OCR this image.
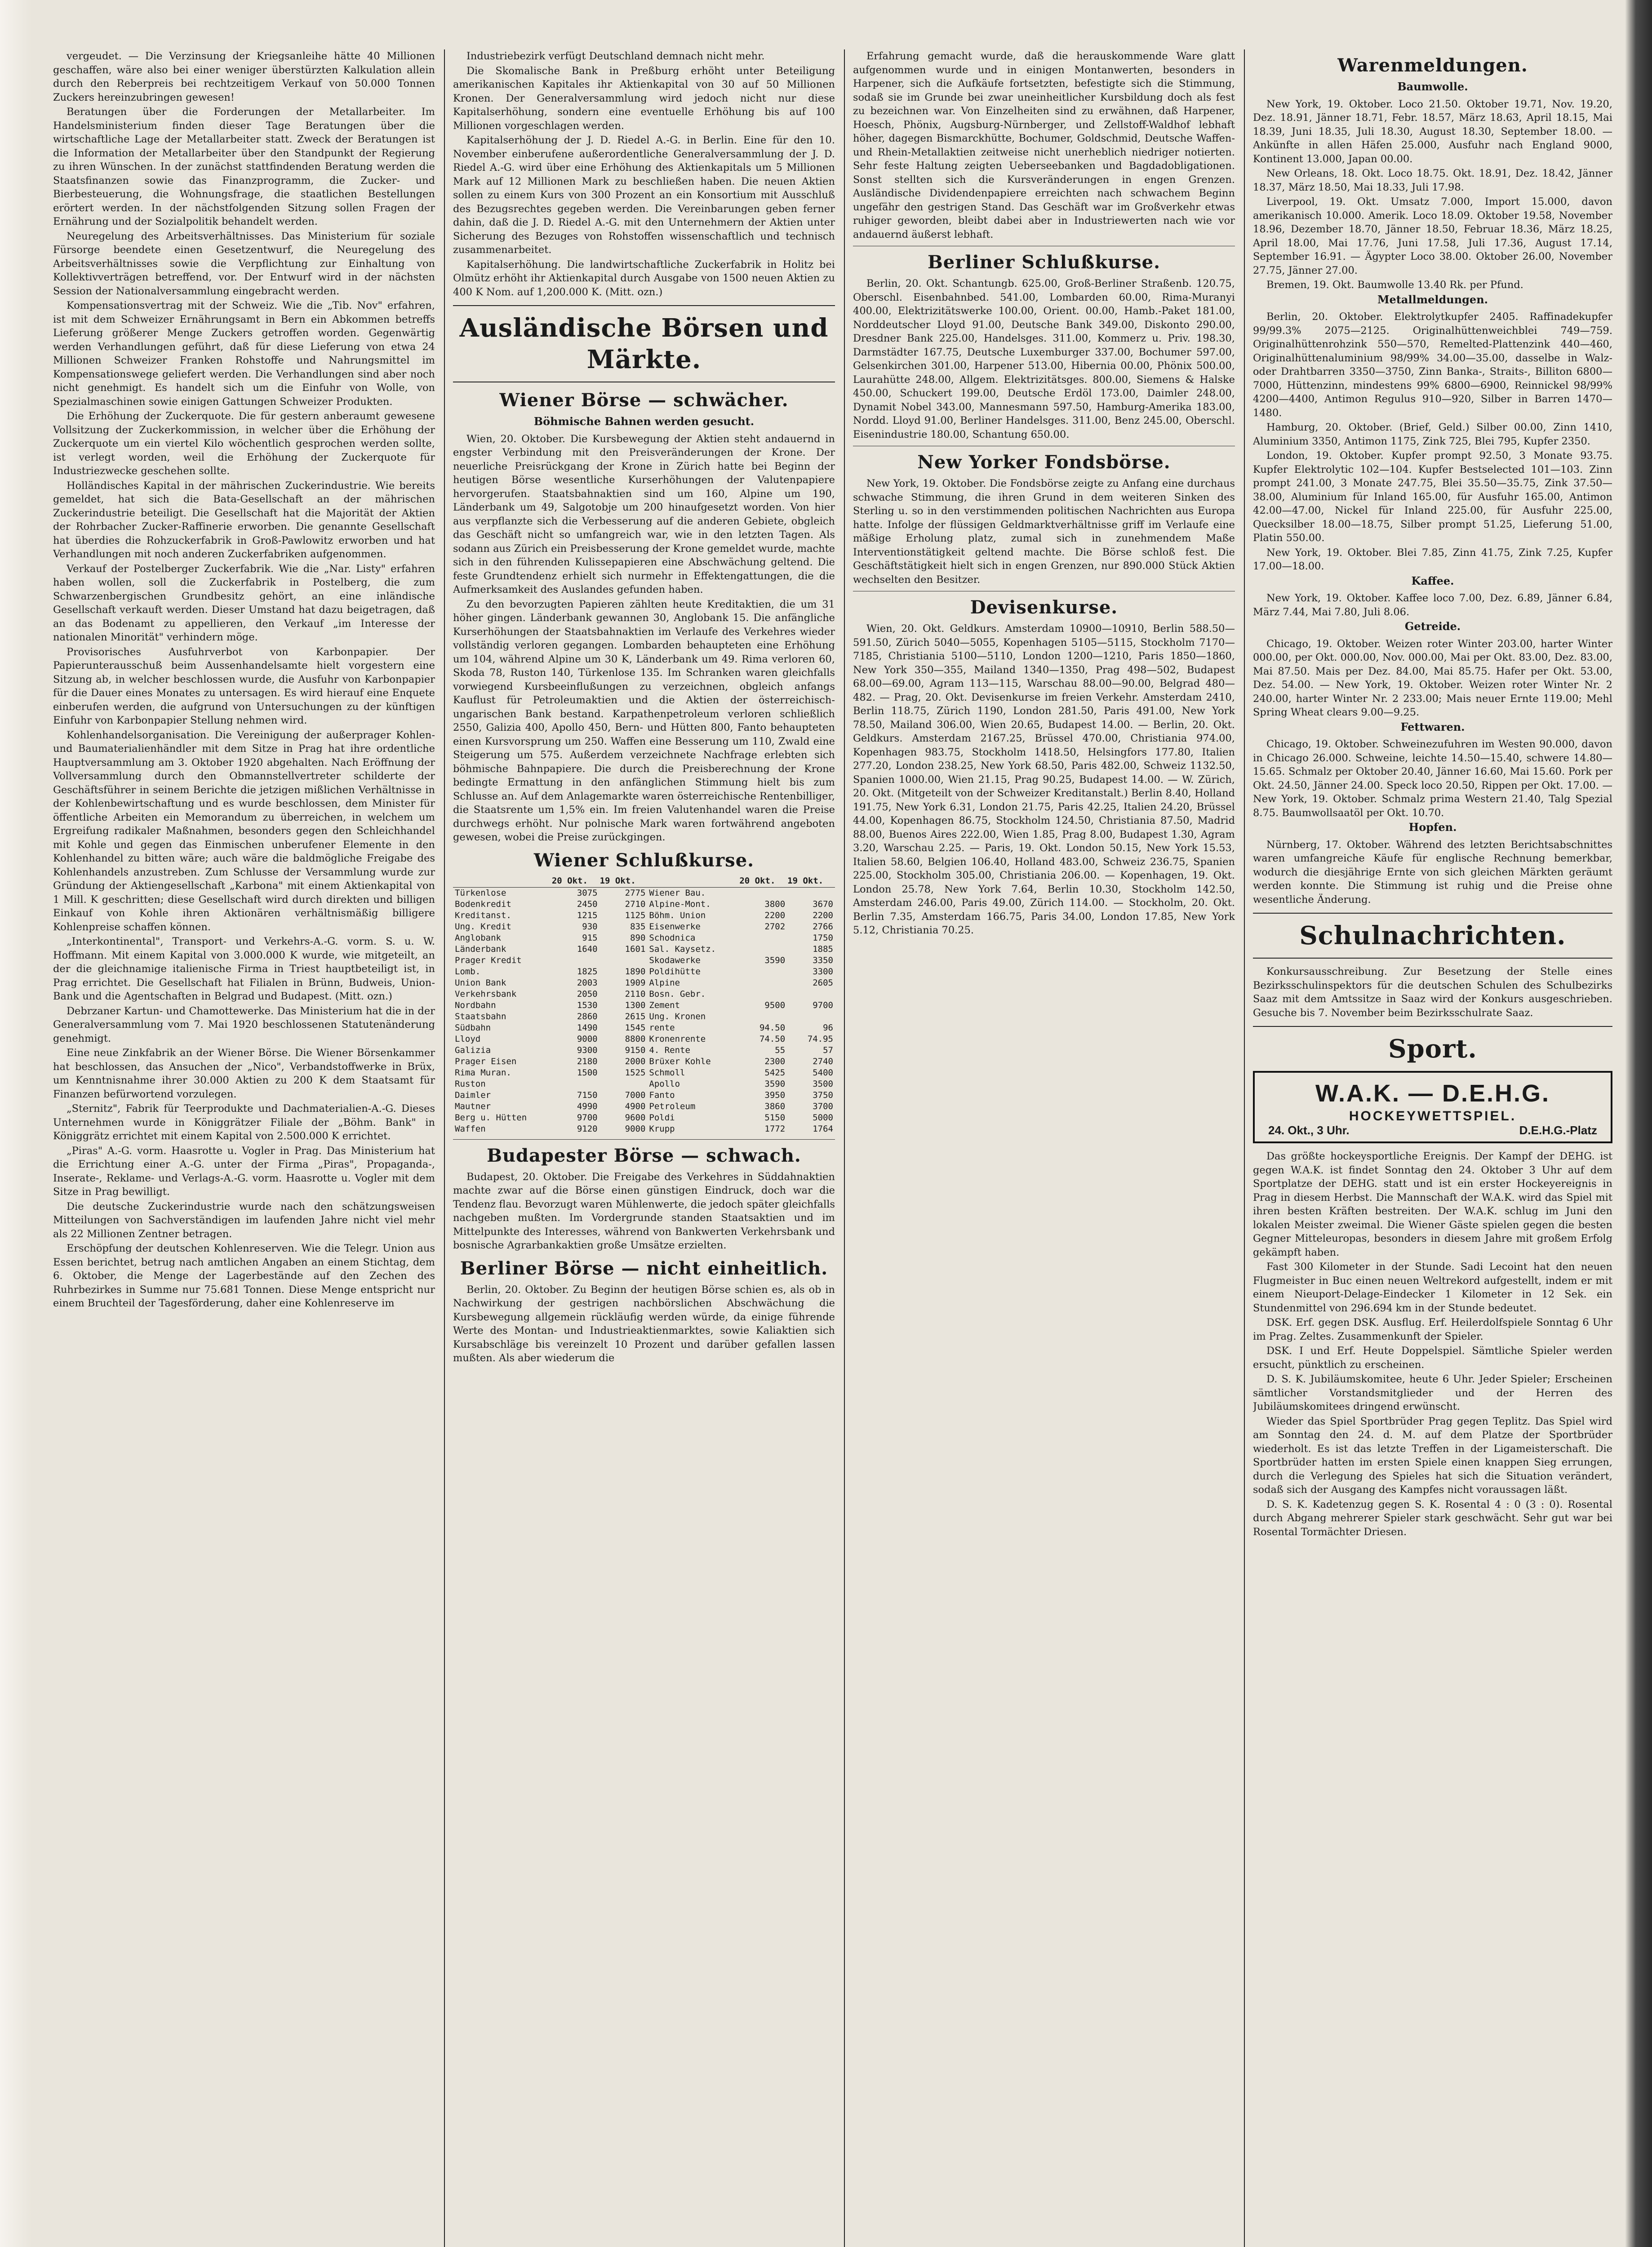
vergeudet. — Die Verzinsung der Kriegsanleihe hätte 40 Millionen geschaffen, wäre also bei einer weniger überstürzten Kalkulation allein durch den Reberpreis bei rechtzeitigem Verkauf von 50.000 Tonnen Zuckers hereinzubringen gewesen!

Beratungen über die Forderungen der Metallarbeiter. Im Handelsministerium finden dieser Tage Beratungen über die wirtschaftliche Lage der Metallarbeiter statt. Zweck der Beratungen ist die Information der Metallarbeiter über den Standpunkt der Regierung zu ihren Wünschen. In der zunächst stattfindenden Beratung werden die Staatsfinanzen sowie das Finanzprogramm, die Zucker- und Bierbesteuerung, die Wohnungsfrage, die staatlichen Bestellungen erörtert werden. In der nächstfolgenden Sitzung sollen Fragen der Ernährung und der Sozialpolitik behandelt werden.

Neuregelung des Arbeitsverhältnisses. Das Ministerium für soziale Fürsorge beendete einen Gesetzentwurf, die Neuregelung des Arbeitsverhältnisses sowie die Verpflichtung zur Einhaltung von Kollektivverträgen betreffend, vor. Der Entwurf wird in der nächsten Session der Nationalversammlung eingebracht werden.

Kompensationsvertrag mit der Schweiz. Wie die „Tib. Nov" erfahren, ist mit dem Schweizer Ernährungsamt in Bern ein Abkommen betreffs Lieferung größerer Menge Zuckers getroffen worden. Gegenwärtig werden Verhandlungen geführt, daß für diese Lieferung von etwa 24 Millionen Schweizer Franken Rohstoffe und Nahrungsmittel im Kompensationswege geliefert werden. Die Verhandlungen sind aber noch nicht genehmigt. Es handelt sich um die Einfuhr von Wolle, von Spezialmaschinen sowie einigen Gattungen Schweizer Produkten.

Die Erhöhung der Zuckerquote. Die für gestern anberaumt gewesene Vollsitzung der Zuckerkommission, in welcher über die Erhöhung der Zuckerquote um ein viertel Kilo wöchentlich gesprochen werden sollte, ist verlegt worden, weil die Erhöhung der Zuckerquote für Industriezwecke geschehen sollte.

Holländisches Kapital in der mährischen Zuckerindustrie. Wie bereits gemeldet, hat sich die Bata-Gesellschaft an der mährischen Zuckerindustrie beteiligt. Die Gesellschaft hat die Majorität der Aktien der Rohrbacher Zucker-Raffinerie erworben. Die genannte Gesellschaft hat überdies die Rohzuckerfabrik in Groß-Pawlowitz erworben und hat Verhandlungen mit noch anderen Zuckerfabriken aufgenommen.

Verkauf der Postelberger Zuckerfabrik. Wie die „Nar. Listy" erfahren haben wollen, soll die Zuckerfabrik in Postelberg, die zum Schwarzenbergischen Grundbesitz gehört, an eine inländische Gesellschaft verkauft werden. Dieser Umstand hat dazu beigetragen, daß an das Bodenamt zu appellieren, den Verkauf „im Interesse der nationalen Minorität" verhindern möge.

Provisorisches Ausfuhrverbot von Karbonpapier. Der Papierunterausschuß beim Aussenhandelsamte hielt vorgestern eine Sitzung ab, in welcher beschlossen wurde, die Ausfuhr von Karbonpapier für die Dauer eines Monates zu untersagen. Es wird hierauf eine Enquete einberufen werden, die aufgrund von Untersuchungen zu der künftigen Einfuhr von Karbonpapier Stellung nehmen wird.

Kohlenhandelsorganisation. Die Vereinigung der außerprager Kohlen- und Baumaterialienhändler mit dem Sitze in Prag hat ihre ordentliche Hauptversammlung am 3. Oktober 1920 abgehalten. Nach Eröffnung der Vollversammlung durch den Obmannstellvertreter schilderte der Geschäftsführer in seinem Berichte die jetzigen mißlichen Verhältnisse in der Kohlenbewirtschaftung und es wurde beschlossen, dem Minister für öffentliche Arbeiten ein Memorandum zu überreichen, in welchem um Ergreifung radikaler Maßnahmen, besonders gegen den Schleichhandel mit Kohle und gegen das Einmischen unberufener Elemente in den Kohlenhandel zu bitten wäre; auch wäre die baldmögliche Freigabe des Kohlenhandels anzustreben. Zum Schlusse der Versammlung wurde zur Gründung der Aktiengesellschaft „Karbona" mit einem Aktienkapital von 1 Mill. K geschritten; diese Gesellschaft wird durch direkten und billigen Einkauf von Kohle ihren Aktionären verhältnismäßig billigere Kohlenpreise schaffen können.

„Interkontinental", Transport- und Verkehrs-A.-G. vorm. S. u. W. Hoffmann. Mit einem Kapital von 3.000.000 K wurde, wie mitgeteilt, an der die gleichnamige italienische Firma in Triest hauptbeteiligt ist, in Prag errichtet. Die Gesellschaft hat Filialen in Brünn, Budweis, Union-Bank und die Agentschaften in Belgrad und Budapest. (Mitt. ozn.)

Debrzaner Kartun- und Chamottewerke. Das Ministerium hat die in der Generalversammlung vom 7. Mai 1920 beschlossenen Statutenänderung genehmigt.

Eine neue Zinkfabrik an der Wiener Börse. Die Wiener Börsenkammer hat beschlossen, das Ansuchen der „Nico", Verbandstoffwerke in Brüx, um Kenntnisnahme ihrer 30.000 Aktien zu 200 K dem Staatsamt für Finanzen befürwortend vorzulegen.

„Sternitz", Fabrik für Teerprodukte und Dachmaterialien-A.-G. Dieses Unternehmen wurde in Königgrätzer Filiale der „Böhm. Bank" in Königgrätz errichtet mit einem Kapital von 2.500.000 K errichtet.

„Piras" A.-G. vorm. Haasrotte u. Vogler in Prag. Das Ministerium hat die Errichtung einer A.-G. unter der Firma „Piras", Propaganda-, Inserate-, Reklame- und Verlags-A.-G. vorm. Haasrotte u. Vogler mit dem Sitze in Prag bewilligt.

Die deutsche Zuckerindustrie wurde nach den schätzungsweisen Mitteilungen von Sachverständigen im laufenden Jahre nicht viel mehr als 22 Millionen Zentner betragen.

Erschöpfung der deutschen Kohlenreserven. Wie die Telegr. Union aus Essen berichtet, betrug nach amtlichen Angaben an einem Stichtag, dem 6. Oktober, die Menge der Lagerbestände auf den Zechen des Ruhrbezirkes in Summe nur 75.681 Tonnen. Diese Menge entspricht nur einem Bruchteil der Tagesförderung, daher eine Kohlenreserve im

Industriebezirk verfügt Deutschland demnach nicht mehr.

Die Skomalische Bank in Preßburg erhöht unter Beteiligung amerikanischen Kapitales ihr Aktienkapital von 30 auf 50 Millionen Kronen. Der Generalversammlung wird jedoch nicht nur diese Kapitalserhöhung, sondern eine eventuelle Erhöhung bis auf 100 Millionen vorgeschlagen werden.

Kapitalserhöhung der J. D. Riedel A.-G. in Berlin. Eine für den 10. November einberufene außerordentliche Generalversammlung der J. D. Riedel A.-G. wird über eine Erhöhung des Aktienkapitals um 5 Millionen Mark auf 12 Millionen Mark zu beschließen haben. Die neuen Aktien sollen zu einem Kurs von 300 Prozent an ein Konsortium mit Ausschluß des Bezugsrechtes gegeben werden. Die Vereinbarungen geben ferner dahin, daß die J. D. Riedel A.-G. mit den Unternehmern der Aktien unter Sicherung des Bezuges von Rohstoffen wissenschaftlich und technisch zusammenarbeitet.

Kapitalserhöhung. Die landwirtschaftliche Zuckerfabrik in Holitz bei Olmütz erhöht ihr Aktienkapital durch Ausgabe von 1500 neuen Aktien zu 400 K Nom. auf 1,200.000 K. (Mitt. ozn.)

Ausländische Börsen und Märkte.
Wiener Börse — schwächer.
Böhmische Bahnen werden gesucht.

Wien, 20. Oktober. Die Kursbewegung der Aktien steht andauernd in engster Verbindung mit den Preisveränderungen der Krone. Der neuerliche Preisrückgang der Krone in Zürich hatte bei Beginn der heutigen Börse wesentliche Kurserhöhungen der Valutenpapiere hervorgerufen. Staatsbahnaktien sind um 160, Alpine um 190, Länderbank um 49, Salgotobje um 200 hinaufgesetzt worden. Von hier aus verpflanzte sich die Verbesserung auf die anderen Gebiete, obgleich das Geschäft nicht so umfangreich war, wie in den letzten Tagen. Als sodann aus Zürich ein Preisbesserung der Krone gemeldet wurde, machte sich in den führenden Kulissepapieren eine Abschwächung geltend. Die feste Grundtendenz erhielt sich nurmehr in Effektengattungen, die die Aufmerksamkeit des Auslandes gefunden haben.

Zu den bevorzugten Papieren zählten heute Kreditaktien, die um 31 höher gingen. Länderbank gewannen 30, Anglobank 15. Die anfängliche Kurserhöhungen der Staatsbahnaktien im Verlaufe des Verkehres wieder vollständig verloren gegangen. Lombarden behaupteten eine Erhöhung um 104, während Alpine um 30 K, Länderbank um 49. Rima verloren 60, Skoda 78, Ruston 140, Türkenlose 135. Im Schranken waren gleichfalls vorwiegend Kursbeeinflußungen zu verzeichnen, obgleich anfangs Kauflust für Petroleumaktien und die Aktien der österreichisch-ungarischen Bank bestand. Karpathenpetroleum verloren schließlich 2550, Galizia 400, Apollo 450, Bern- und Hütten 800, Fanto behaupteten einen Kursvorsprung um 250. Waffen eine Besserung um 110, Zwald eine Steigerung um 575. Außerdem verzeichnete Nachfrage erlebten sich böhmische Bahnpapiere. Die durch die Preisberechnung der Krone bedingte Ermattung in den anfänglichen Stimmung hielt bis zum Schlusse an. Auf dem Anlagemarkte waren österreichische Rentenbilliger, die Staatsrente um 1,5% ein. Im freien Valutenhandel waren die Preise durchwegs erhöht. Nur polnische Mark waren fortwährend angeboten gewesen, wobei die Preise zurückgingen.

Wiener Schlußkurse.
	20 Okt.	19 Okt.		20 Okt.	19 Okt.
Türkenlose	3075	2775	Wiener Bau.		
Bodenkredit	2450	2710	Alpine-Mont.	3800	3670
Kreditanst.	1215	1125	Böhm. Union	2200	2200
Ung. Kredit	930	835	Eisenwerke	2702	2766
Anglobank	915	890	Schodnica		1750
Länderbank	1640	1601	Sal. Kaysetz.		1885
Prager Kredit			Skodawerke	3590	3350
Lomb.	1825	1890	Poldihütte		3300
Union Bank	2003	1909	Alpine		2605
Verkehrsbank	2050	2110	Bosn. Gebr.		
Nordbahn	1530	1300	Zement	9500	9700
Staatsbahn	2860	2615	Ung. Kronen		
Südbahn	1490	1545	rente	94.50	96
Lloyd	9000	8800	Kronenrente	74.50	74.95
Galizia	9300	9150	4. Rente	55	57
Prager Eisen	2180	2000	Brüxer Kohle	2300	2740
Rima Muran.	1500	1525	Schmoll	5425	5400
Ruston			Apollo	3590	3500
Daimler	7150	7000	Fanto	3950	3750
Mautner	4990	4900	Petroleum	3860	3700
Berg u. Hütten	9700	9600	Poldi	5150	5000
Waffen	9120	9000	Krupp	1772	1764
Budapester Börse — schwach.

Budapest, 20. Oktober. Die Freigabe des Verkehres in Süddahnaktien machte zwar auf die Börse einen günstigen Eindruck, doch war die Tendenz flau. Bevorzugt waren Mühlenwerte, die jedoch später gleichfalls nachgeben mußten. Im Vordergrunde standen Staatsaktien und im Mittelpunkte des Interesses, während von Bankwerten Verkehrsbank und bosnische Agrarbankaktien große Umsätze erzielten.

Berliner Börse — nicht einheitlich.

Berlin, 20. Oktober. Zu Beginn der heutigen Börse schien es, als ob in Nachwirkung der gestrigen nachbörslichen Abschwächung die Kursbewegung allgemein rückläufig werden würde, da einige führende Werte des Montan- und Industrieaktienmarktes, sowie Kaliaktien sich Kursabschläge bis vereinzelt 10 Prozent und darüber gefallen lassen mußten. Als aber wiederum die

Erfahrung gemacht wurde, daß die herauskommende Ware glatt aufgenommen wurde und in einigen Montanwerten, besonders in Harpener, sich die Aufkäufe fortsetzten, befestigte sich die Stimmung, sodaß sie im Grunde bei zwar uneinheitlicher Kursbildung doch als fest zu bezeichnen war. Von Einzelheiten sind zu erwähnen, daß Harpener, Hoesch, Phönix, Augsburg-Nürnberger, und Zellstoff-Waldhof lebhaft höher, dagegen Bismarckhütte, Bochumer, Goldschmid, Deutsche Waffen- und Rhein-Metallaktien zeitweise nicht unerheblich niedriger notierten. Sehr feste Haltung zeigten Ueberseebanken und Bagdadobligationen. Sonst stellten sich die Kursveränderungen in engen Grenzen. Ausländische Dividendenpapiere erreichten nach schwachem Beginn ungefähr den gestrigen Stand. Das Geschäft war im Großverkehr etwas ruhiger geworden, bleibt dabei aber in Industriewerten nach wie vor andauernd äußerst lebhaft.

Berliner Schlußkurse.

Berlin, 20. Okt. Schantungb. 625.00, Groß-Berliner Straßenb. 120.75, Oberschl. Eisenbahnbed. 541.00, Lombarden 60.00, Rima-Muranyi 400.00, Elektrizitätswerke 100.00, Orient. 00.00, Hamb.-Paket 181.00, Norddeutscher Lloyd 91.00, Deutsche Bank 349.00, Diskonto 290.00, Dresdner Bank 225.00, Handelsges. 311.00, Kommerz u. Priv. 198.30, Darmstädter 167.75, Deutsche Luxemburger 337.00, Bochumer 597.00, Gelsenkirchen 301.00, Harpener 513.00, Hibernia 00.00, Phönix 500.00, Laurahütte 248.00, Allgem. Elektrizitätsges. 800.00, Siemens & Halske 450.00, Schuckert 199.00, Deutsche Erdöl 173.00, Daimler 248.00, Dynamit Nobel 343.00, Mannesmann 597.50, Hamburg-Amerika 183.00, Nordd. Lloyd 91.00, Berliner Handelsges. 311.00, Benz 245.00, Oberschl. Eisenindustrie 180.00, Schantung 650.00.

New Yorker Fondsbörse.

New York, 19. Oktober. Die Fondsbörse zeigte zu Anfang eine durchaus schwache Stimmung, die ihren Grund in dem weiteren Sinken des Sterling u. so in den verstimmenden politischen Nachrichten aus Europa hatte. Infolge der flüssigen Geldmarktverhältnisse griff im Verlaufe eine mäßige Erholung platz, zumal sich in zunehmendem Maße Interventionstätigkeit geltend machte. Die Börse schloß fest. Die Geschäftstätigkeit hielt sich in engen Grenzen, nur 890.000 Stück Aktien wechselten den Besitzer.

Devisenkurse.

Wien, 20. Okt. Geldkurs. Amsterdam 10900—10910, Berlin 588.50—591.50, Zürich 5040—5055, Kopenhagen 5105—5115, Stockholm 7170—7185, Christiania 5100—5110, London 1200—1210, Paris 1850—1860, New York 350—355, Mailand 1340—1350, Prag 498—502, Budapest 68.00—69.00, Agram 113—115, Warschau 88.00—90.00, Belgrad 480—482. — Prag, 20. Okt. Devisenkurse im freien Verkehr. Amsterdam 2410, Berlin 118.75, Zürich 1190, London 281.50, Paris 491.00, New York 78.50, Mailand 306.00, Wien 20.65, Budapest 14.00. — Berlin, 20. Okt. Geldkurs. Amsterdam 2167.25, Brüssel 470.00, Christiania 974.00, Kopenhagen 983.75, Stockholm 1418.50, Helsingfors 177.80, Italien 277.20, London 238.25, New York 68.50, Paris 482.00, Schweiz 1132.50, Spanien 1000.00, Wien 21.15, Prag 90.25, Budapest 14.00. — W. Zürich, 20. Okt. (Mitgeteilt von der Schweizer Kreditanstalt.) Berlin 8.40, Holland 191.75, New York 6.31, London 21.75, Paris 42.25, Italien 24.20, Brüssel 44.00, Kopenhagen 86.75, Stockholm 124.50, Christiania 87.50, Madrid 88.00, Buenos Aires 222.00, Wien 1.85, Prag 8.00, Budapest 1.30, Agram 3.20, Warschau 2.25. — Paris, 19. Okt. London 50.15, New York 15.53, Italien 58.60, Belgien 106.40, Holland 483.00, Schweiz 236.75, Spanien 225.00, Stockholm 305.00, Christiania 206.00. — Kopenhagen, 19. Okt. London 25.78, New York 7.64, Berlin 10.30, Stockholm 142.50, Amsterdam 246.00, Paris 49.00, Zürich 114.00. — Stockholm, 20. Okt. Berlin 7.35, Amsterdam 166.75, Paris 34.00, London 17.85, New York 5.12, Christiania 70.25.

Warenmeldungen.
Baumwolle.

New York, 19. Oktober. Loco 21.50. Oktober 19.71, Nov. 19.20, Dez. 18.91, Jänner 18.71, Febr. 18.57, März 18.63, April 18.15, Mai 18.39, Juni 18.35, Juli 18.30, August 18.30, September 18.00. — Ankünfte in allen Häfen 25.000, Ausfuhr nach England 9000, Kontinent 13.000, Japan 00.00.

New Orleans, 18. Okt. Loco 18.75. Okt. 18.91, Dez. 18.42, Jänner 18.37, März 18.50, Mai 18.33, Juli 17.98.

Liverpool, 19. Okt. Umsatz 7.000, Import 15.000, davon amerikanisch 10.000. Amerik. Loco 18.09. Oktober 19.58, November 18.96, Dezember 18.70, Jänner 18.50, Februar 18.36, März 18.25, April 18.00, Mai 17.76, Juni 17.58, Juli 17.36, August 17.14, September 16.91. — Ägypter Loco 38.00. Oktober 26.00, November 27.75, Jänner 27.00.

Bremen, 19. Okt. Baumwolle 13.40 Rk. per Pfund.

Metallmeldungen.

Berlin, 20. Oktober. Elektrolytkupfer 2405. Raffinadekupfer 99/99.3% 2075—2125. Originalhüttenweichblei 749—759. Originalhüttenrohzink 550—570, Remelted-Plattenzink 440—460, Originalhüttenaluminium 98/99% 34.00—35.00, dasselbe in Walz- oder Drahtbarren 3350—3750, Zinn Banka-, Straits-, Billiton 6800—7000, Hüttenzinn, mindestens 99% 6800—6900, Reinnickel 98/99% 4200—4400, Antimon Regulus 910—920, Silber in Barren 1470—1480.

Hamburg, 20. Oktober. (Brief, Geld.) Silber 00.00, Zinn 1410, Aluminium 3350, Antimon 1175, Zink 725, Blei 795, Kupfer 2350.

London, 19. Oktober. Kupfer prompt 92.50, 3 Monate 93.75. Kupfer Elektrolytic 102—104. Kupfer Bestselected 101—103. Zinn prompt 241.00, 3 Monate 247.75, Blei 35.50—35.75, Zink 37.50—38.00, Aluminium für Inland 165.00, für Ausfuhr 165.00, Antimon 42.00—47.00, Nickel für Inland 225.00, für Ausfuhr 225.00, Quecksilber 18.00—18.75, Silber prompt 51.25, Lieferung 51.00, Platin 550.00.

New York, 19. Oktober. Blei 7.85, Zinn 41.75, Zink 7.25, Kupfer 17.00—18.00.

Kaffee.

New York, 19. Oktober. Kaffee loco 7.00, Dez. 6.89, Jänner 6.84, März 7.44, Mai 7.80, Juli 8.06.

Getreide.

Chicago, 19. Oktober. Weizen roter Winter 203.00, harter Winter 000.00, per Okt. 000.00, Nov. 000.00, Mai per Okt. 83.00, Dez. 83.00, Mai 87.50. Mais per Dez. 84.00, Mai 85.75. Hafer per Okt. 53.00, Dez. 54.00. — New York, 19. Oktober. Weizen roter Winter Nr. 2 240.00, harter Winter Nr. 2 233.00; Mais neuer Ernte 119.00; Mehl Spring Wheat clears 9.00—9.25.

Fettwaren.

Chicago, 19. Oktober. Schweinezufuhren im Westen 90.000, davon in Chicago 26.000. Schweine, leichte 14.50—15.40, schwere 14.80—15.65. Schmalz per Oktober 20.40, Jänner 16.60, Mai 15.60. Pork per Okt. 24.50, Jänner 24.00. Speck loco 20.50, Rippen per Okt. 17.00. — New York, 19. Oktober. Schmalz prima Western 21.40, Talg Spezial 8.75. Baumwollsaatöl per Okt. 10.70.

Hopfen.

Nürnberg, 17. Oktober. Während des letzten Berichtsabschnittes waren umfangreiche Käufe für englische Rechnung bemerkbar, wodurch die diesjährige Ernte von sich gleichen Märkten geräumt werden konnte. Die Stimmung ist ruhig und die Preise ohne wesentliche Änderung.

Schulnachrichten.

Konkursausschreibung. Zur Besetzung der Stelle eines Bezirksschulinspektors für die deutschen Schulen des Schulbezirks Saaz mit dem Amtssitze in Saaz wird der Konkurs ausgeschrieben. Gesuche bis 7. November beim Bezirksschulrate Saaz.

Sport.
W.A.K. — D.E.H.G.
HOCKEYWETTSPIEL.
24. Okt., 3 Uhr.	D.E.H.G.-Platz

Das größte hockeysportliche Ereignis. Der Kampf der DEHG. ist gegen W.A.K. ist findet Sonntag den 24. Oktober 3 Uhr auf dem Sportplatze der DEHG. statt und ist ein erster Hockeyereignis in Prag in diesem Herbst. Die Mannschaft der W.A.K. wird das Spiel mit ihren besten Kräften bestreiten. Der W.A.K. schlug im Juni den lokalen Meister zweimal. Die Wiener Gäste spielen gegen die besten Gegner Mitteleuropas, besonders in diesem Jahre mit großem Erfolg gekämpft haben.

Fast 300 Kilometer in der Stunde. Sadi Lecoint hat den neuen Flugmeister in Buc einen neuen Weltrekord aufgestellt, indem er mit einem Nieuport-Delage-Eindecker 1 Kilometer in 12 Sek. ein Stundenmittel von 296.694 km in der Stunde bedeutet.

DSK. Erf. gegen DSK. Ausflug. Erf. Heilerdolfspiele Sonntag 6 Uhr im Prag. Zeltes. Zusammenkunft der Spieler.

DSK. I und Erf. Heute Doppelspiel. Sämtliche Spieler werden ersucht, pünktlich zu erscheinen.

D. S. K. Jubiläumskomitee, heute 6 Uhr. Jeder Spieler; Erscheinen sämtlicher Vorstandsmitglieder und der Herren des Jubiläumskomitees dringend erwünscht.

Wieder das Spiel Sportbrüder Prag gegen Teplitz. Das Spiel wird am Sonntag den 24. d. M. auf dem Platze der Sportbrüder wiederholt. Es ist das letzte Treffen in der Ligameisterschaft. Die Sportbrüder hatten im ersten Spiele einen knappen Sieg errungen, durch die Verlegung des Spieles hat sich die Situation verändert, sodaß sich der Ausgang des Kampfes nicht voraussagen läßt.

D. S. K. Kadetenzug gegen S. K. Rosental 4 : 0 (3 : 0). Rosental durch Abgang mehrerer Spieler stark geschwächt. Sehr gut war bei Rosental Tormächter Driesen.
